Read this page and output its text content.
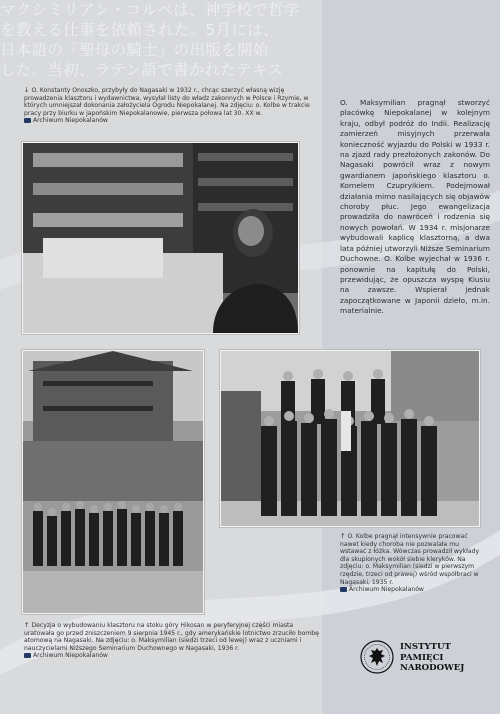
マクシミリアン・コルベは、神学校で哲学
を教える仕事を依頼された。5月には、
日本語の「聖母の騎士」の出版を開始
した。当初、ラテン語で書かれたテキス
↓ O. Konstanty Onoszko, przybyły do Nagasaki w 1932 r., chcąc szerzyć własną wizję prowadzenia klasztoru i wydawnictwa, wysyłał listy do władz zakonnych w Polsce i Rzymie, w których umniejszał dokonania założyciela Ogrodu Niepokalanej. Na zdjęciu: o. Kolbe w trakcie pracy przy biurku w japońskim Niepokalanowie, pierwsza połowa lat 30. XX w.
Archiwum Niepokalanów
O. Maksymilian pragnął stworzyć placówkę Niepokalanej w kolejnym kraju, odbył podróż do Indii. Realizację zamierzeń misyjnych przerwała konieczność wyjazdu do Polski w 1933 r. na zjazd rady prezłożonych zakonów. Do Nagasaki powrócił wraz z nowym gwardianem japońskiego klasztoru o. Kornelem Czupryikiem. Podejmował działania mimo nasilających się objawów choroby płuc. Jego ewangelizacja prowadziła do nawróceń i rodzenia się nowych powołań. W 1934 r. misjonarze wybudowali kaplicę klasztorną, a dwa lata później utworzyli Niższe Seminarium Duchowne. O. Kolbe wyjechał w 1936 r. ponownie na kapitułę do Polski, przewidując, że opuszcza wyspę Kiusiu na zawsze. Wspierał jednak zapoczątkowane w Japonii dzieło, m.in. materialnie.
↑ O. Kolbe pragnął intensywnie pracować nawet kiedy choroba nie pozwalała mu wstawać z łóżka. Wówczas prowadził wykłady dla skupionych wokół siebie kleryków. Na zdjęciu: o. Maksymilian (siedzi w pierwszym rzędzie, trzeci od prawej) wśród współbraci w Nagasaki, 1935 r.
Archiwum Niepokalanów
↑ Decyzja o wybudowaniu klasztoru na stoku góry Hikosan w peryferyjnej części miasta uratowała go przed zniszczeniem 9 sierpnia 1945 r., gdy amerykańskie lotnictwo zrzuciło bombę atomową na Nagasaki. Na zdjęciu: o. Maksymilian (siedzi trzeci od lewej) wraz z uczniami i nauczycielami Niższego Seminarium Duchownego w Nagasaki, 1936 r.
Archiwum Niepokalanów
INSTYTUT
PAMIĘCI
NARODOWEJ
